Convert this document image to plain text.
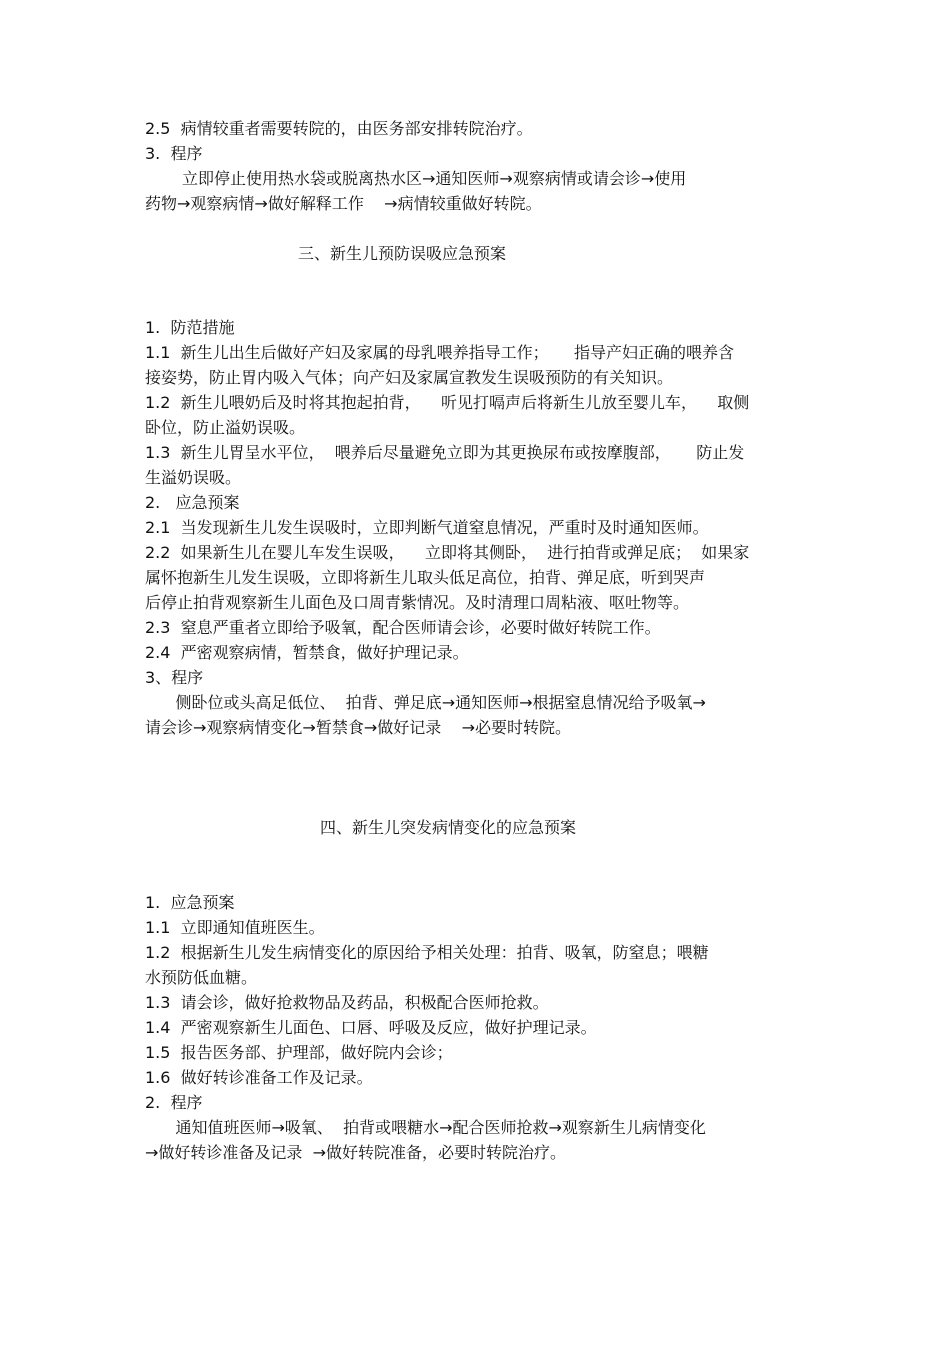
2.5  病情较重者需要转院的，由医务部安排转院治疗。

3.  程序

立即停止使用热水袋或脱离热水区→通知医师→观察病情或请会诊→使用

药物→观察病情→做好解释工作    →病情较重做好转院。

三、新生儿预防误吸应急预案

1.  防范措施

1.1  新生儿出生后做好产妇及家属的母乳喂养指导工作；     指导产妇正确的喂养含

接姿势，防止胃内吸入气体；向产妇及家属宣教发生误吸预防的有关知识。

1.2  新生儿喂奶后及时将其抱起拍背，    听见打嗝声后将新生儿放至婴儿车，    取侧

卧位，防止溢奶误吸。

1.3  新生儿胃呈水平位，  喂养后尽量避免立即为其更换尿布或按摩腹部，     防止发

生溢奶误吸。

2.   应急预案

2.1  当发现新生儿发生误吸时，立即判断气道窒息情况，严重时及时通知医师。

2.2  如果新生儿在婴儿车发生误吸，    立即将其侧卧，  进行拍背或弹足底；  如果家

属怀抱新生儿发生误吸，立即将新生儿取头低足高位，拍背、弹足底，听到哭声

后停止拍背观察新生儿面色及口周青紫情况。及时清理口周粘液、呕吐物等。

2.3  窒息严重者立即给予吸氧，配合医师请会诊，必要时做好转院工作。

2.4  严密观察病情，暂禁食，做好护理记录。

3、程序

侧卧位或头高足低位、  拍背、弹足底→通知医师→根据窒息情况给予吸氧→

请会诊→观察病情变化→暂禁食→做好记录    →必要时转院。

四、新生儿突发病情变化的应急预案

1.  应急预案

1.1  立即通知值班医生。

1.2  根据新生儿发生病情变化的原因给予相关处理：拍背、吸氧，防窒息；喂糖

水预防低血糖。

1.3  请会诊，做好抢救物品及药品，积极配合医师抢救。

1.4  严密观察新生儿面色、口唇、呼吸及反应，做好护理记录。

1.5  报告医务部、护理部，做好院内会诊；

1.6  做好转诊准备工作及记录。

2.  程序

通知值班医师→吸氧、  拍背或喂糖水→配合医师抢救→观察新生儿病情变化

→做好转诊准备及记录  →做好转院准备，必要时转院治疗。
